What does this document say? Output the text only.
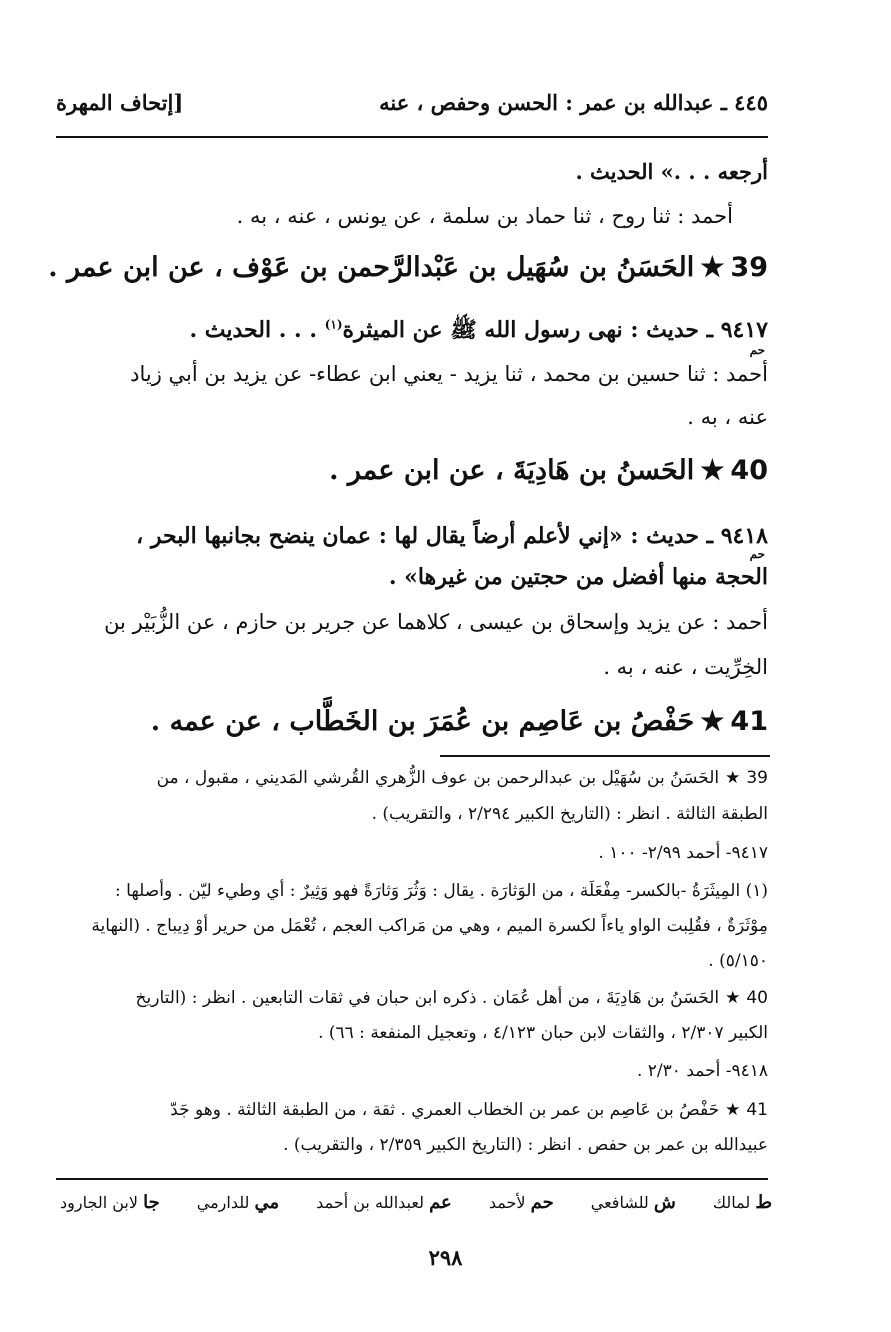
٤٤٥ ـ عبدالله بن عمر : الحسن وحفص ، عنه
[إتحاف المهرة
أرجعه . . .» الحديث .
أحمد : ثنا روح ، ثنا حماد بن سلمة ، عن يونس ، عنه ، به .
39★الحَسَنُ بن سُهَيل بن عَبْدالرَّحمن بن عَوْف ، عن ابن عمر .
٩٤١٧ ـ حديث : نهى رسول الله ﷺ عن الميثرة$^{(١)}$ . . . الحديث .
حم
أحمد : ثنا حسين بن محمد ، ثنا يزيد - يعني ابن عطاء- عن يزيد بن أبي زياد
عنه ، به .
40★الحَسنُ بن هَادِيَةَ ، عن ابن عمر .
٩٤١٨ ـ حديث : «إني لأعلم أرضاً يقال لها : عمان ينضح بجانبها البحر ،
حم
الحجة منها أفضل من حجتين من غيرها» .
أحمد : عن يزيد وإسحاق بن عيسى ، كلاهما عن جرير بن حازم ، عن الزُّبَيْر بن
الخِرِّيت ، عنه ، به .
41★حَفْصُ بن عَاصِم بن عُمَرَ بن الخَطَّاب ، عن عمه .
39★الحَسَنُ بن سُهَيْل بن عبدالرحمن بن عوف الزُّهري القُرشي المَديني ، مقبول ، من
الطبقة الثالثة . انظر : (التاريخ الكبير ٢/٢٩٤ ، والتقريب) .
٩٤١٧- أحمد ٢/٩٩- ١٠٠ .
(١) المِيثَرَةُ -بالكسر- مِفْعَلَة ، من الوَثارَة . يقال : وَثُرَ وَثارَةً فهو وَثِيرٌ : أي وطيء ليّن . وأصلها :
مِوْثَرَةٌ ، فقُلِبت الواو ياءاً لكسرة الميم ، وهي من مَراكب العجم ، تُعْمَل من حرير أوْ دِيباج . (النهاية
٥/١٥٠) .
40★الحَسَنُ بن هَادِيَةَ ، من أهل عُمَان . ذكره ابن حبان في ثقات التابعين . انظر : (التاريخ
الكبير ٢/٣٠٧ ، والثقات لابن حبان ٤/١٢٣ ، وتعجيل المنفعة : ٦٦) .
٩٤١٨- أحمد ٢/٣٠ .
41★حَفْصُ بن عَاصِم بن عمر بن الخطاب العمري . ثقة ، من الطبقة الثالثة . وهو جَدّ
عبيدالله بن عمر بن حفص . انظر : (التاريخ الكبير ٢/٣٥٩ ، والتقريب) .
ط لمالك
ش للشافعي
حم لأحمد
عم لعبدالله بن أحمد
مي للدارمي
جا لابن الجارود
٢٩٨
